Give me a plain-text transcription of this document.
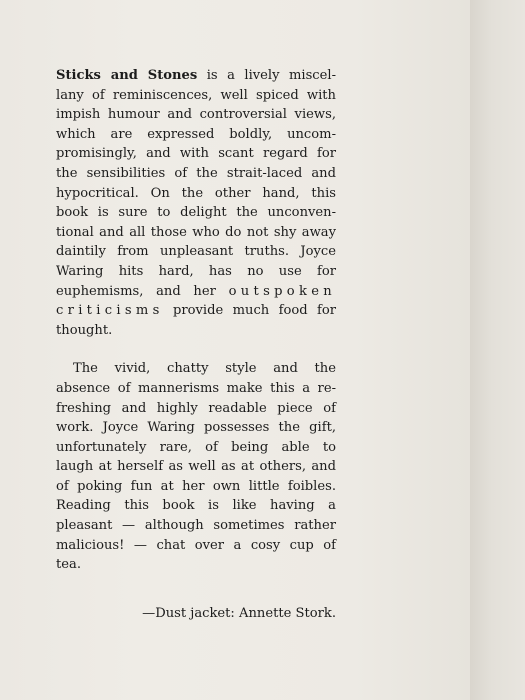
Sticks and Stones is a lively miscel-
lany of reminiscences, well spiced with
impish humour and controversial views,
which are expressed boldly, uncom-
promisingly, and with scant regard for
the sensibilities of the strait-laced and
hypocritical. On the other hand, this
book is sure to delight the unconven-
tional and all those who do not shy away
daintily from unpleasant truths. Joyce
Waring hits hard, has no use for
euphemisms, and her outspoken
criticisms provide much food for
thought.
The vivid, chatty style and the
absence of mannerisms make this a re-
freshing and highly readable piece of
work. Joyce Waring possesses the gift,
unfortunately rare, of being able to
laugh at herself as well as at others, and
of poking fun at her own little foibles.
Reading this book is like having a
pleasant — although sometimes rather
malicious! — chat over a cosy cup of
tea.
—Dust jacket: Annette Stork.
